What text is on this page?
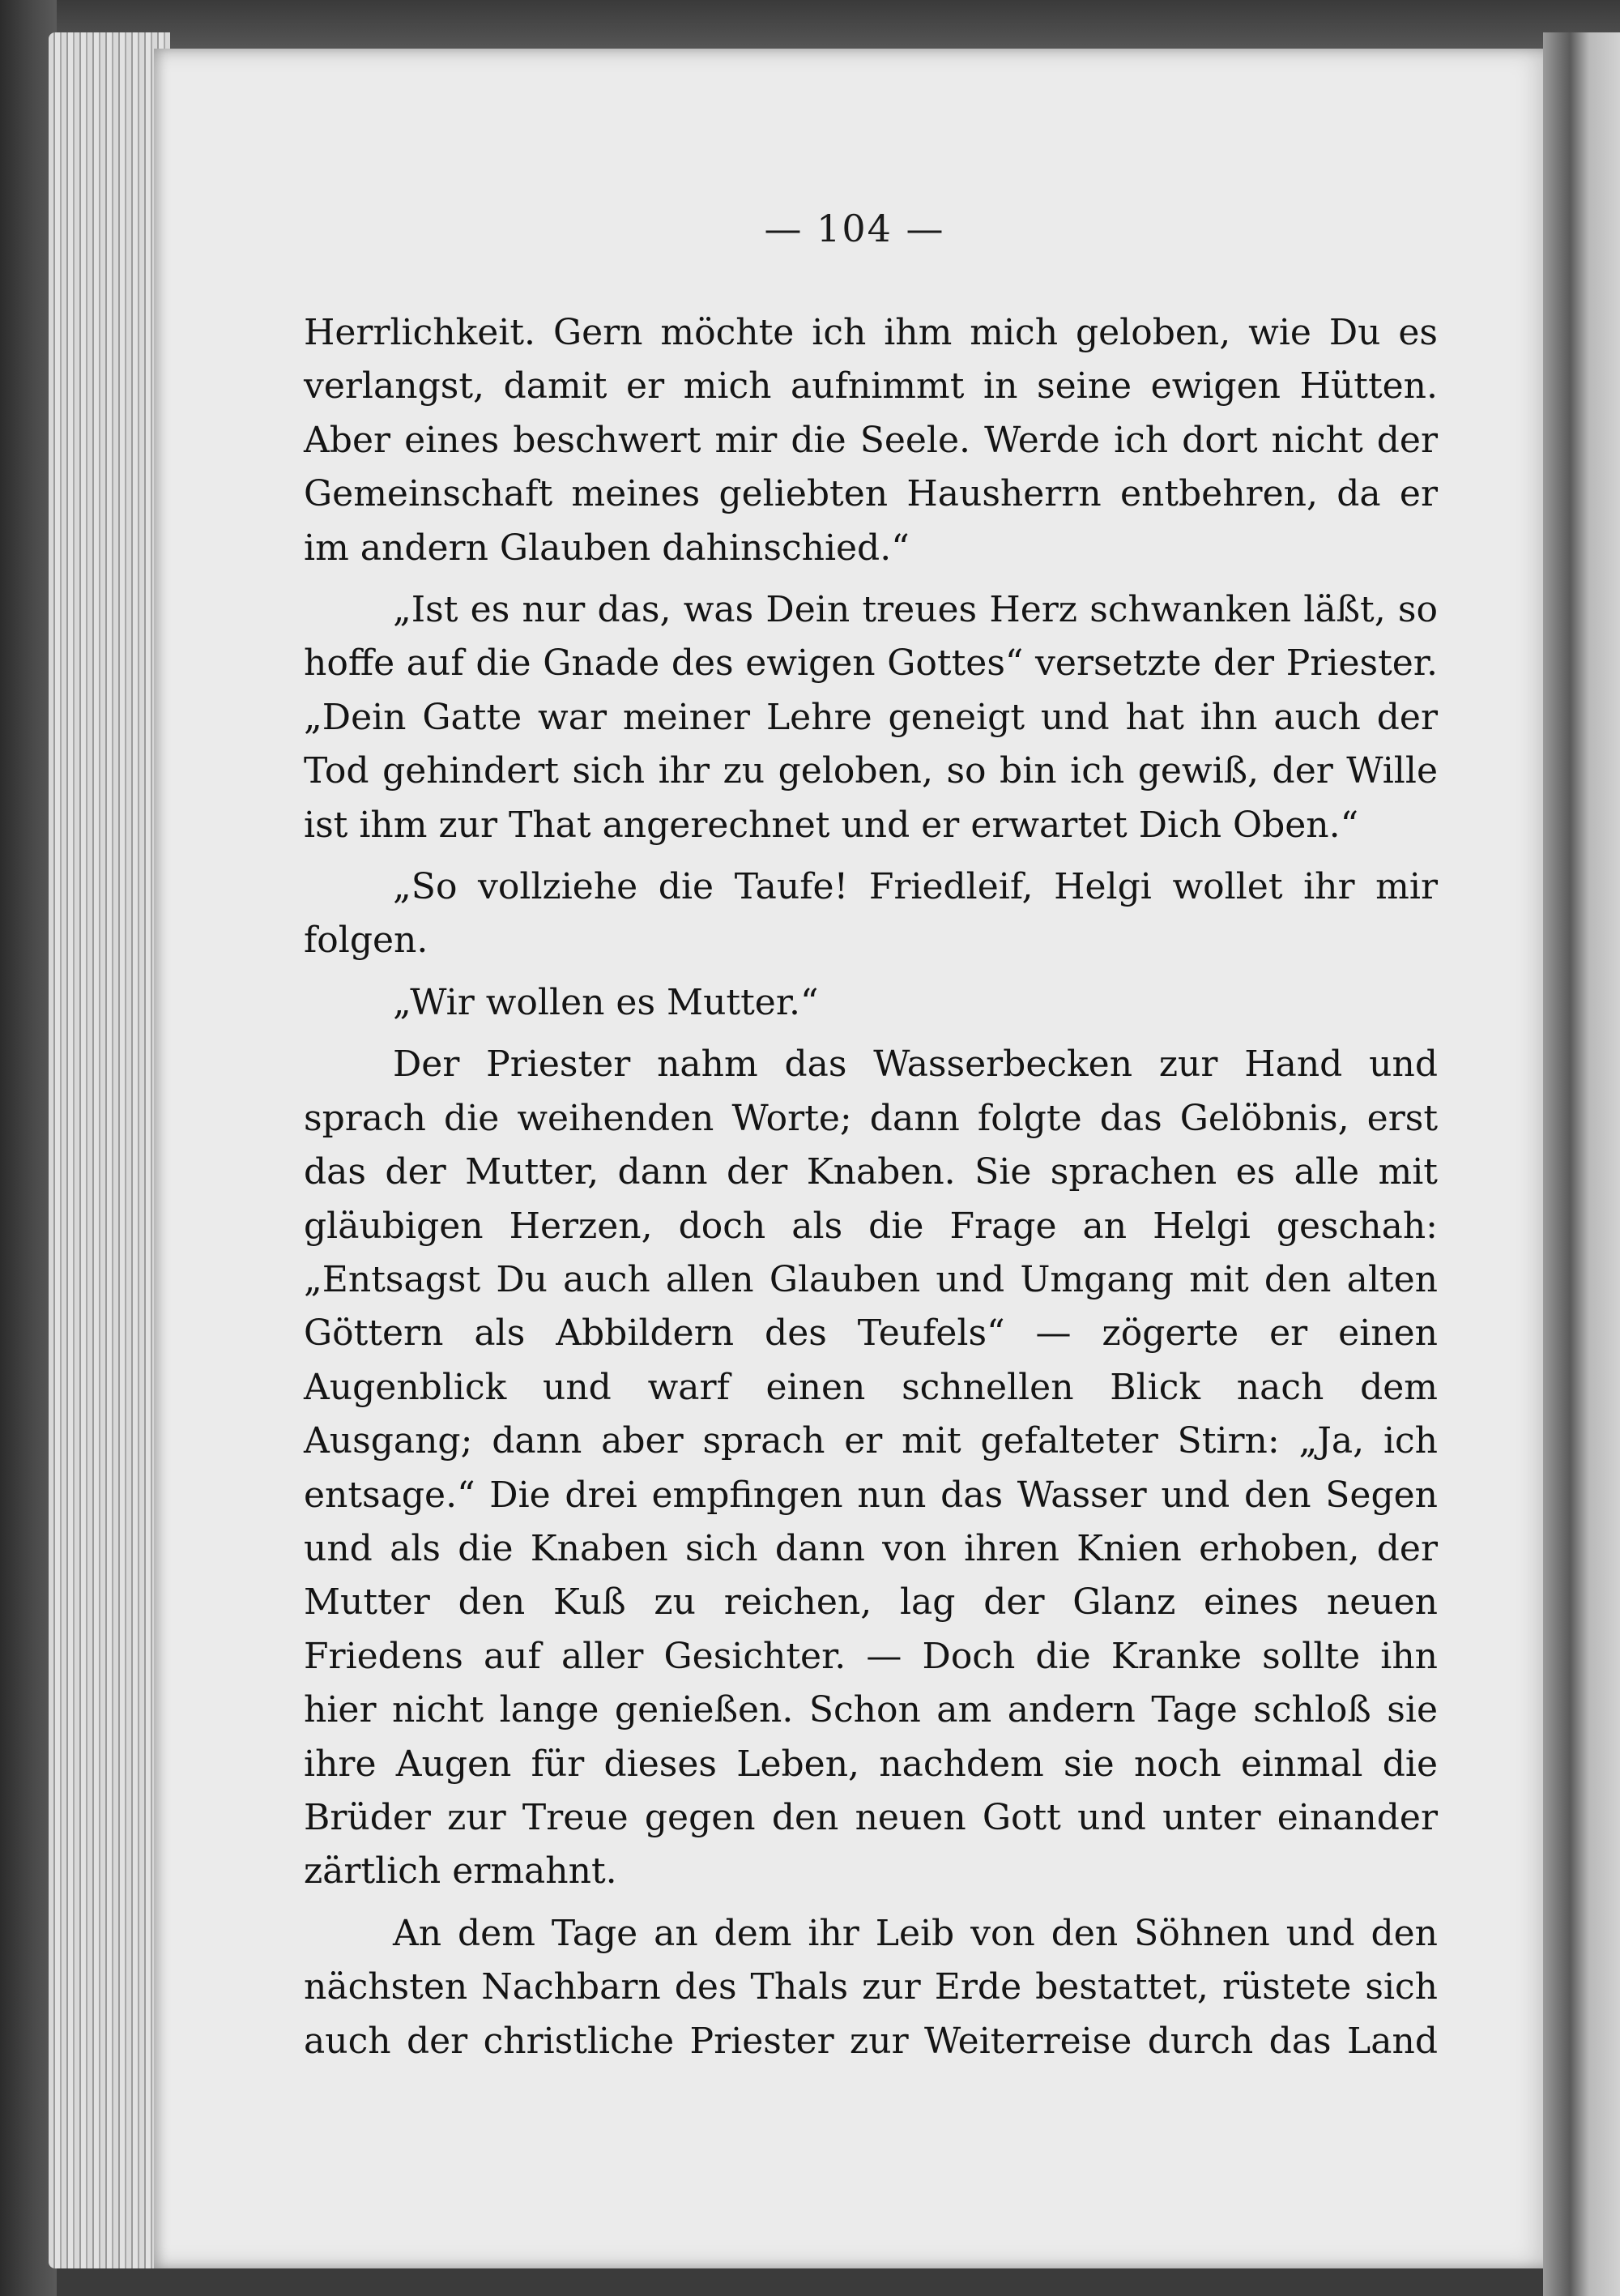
— 104 —

Herrlichkeit. Gern möchte ich ihm mich geloben, wie Du es verlangst, damit er mich aufnimmt in seine ewigen Hütten. Aber eines beschwert mir die Seele. Werde ich dort nicht der Gemeinschaft meines geliebten Hausherrn entbehren, da er im andern Glauben dahinschied.“

„Ist es nur das, was Dein treues Herz schwanken läßt, so hoffe auf die Gnade des ewigen Gottes“ versetzte der Priester. „Dein Gatte war meiner Lehre geneigt und hat ihn auch der Tod gehindert sich ihr zu geloben, so bin ich gewiß, der Wille ist ihm zur That angerechnet und er erwartet Dich Oben.“

„So vollziehe die Taufe! Friedleif, Helgi wollet ihr mir folgen.

„Wir wollen es Mutter.“

Der Priester nahm das Wasserbecken zur Hand und sprach die weihenden Worte; dann folgte das Gelöbnis, erst das der Mutter, dann der Knaben. Sie sprachen es alle mit gläubigen Herzen, doch als die Frage an Helgi geschah: „Entsagst Du auch allen Glauben und Umgang mit den alten Göttern als Abbildern des Teufels“ — zögerte er einen Augenblick und warf einen schnellen Blick nach dem Ausgang; dann aber sprach er mit gefalteter Stirn: „Ja, ich entsage.“ Die drei empfingen nun das Wasser und den Segen und als die Knaben sich dann von ihren Knien erhoben, der Mutter den Kuß zu reichen, lag der Glanz eines neuen Friedens auf aller Gesichter. — Doch die Kranke sollte ihn hier nicht lange genießen. Schon am andern Tage schloß sie ihre Augen für dieses Leben, nachdem sie noch einmal die Brüder zur Treue gegen den neuen Gott und unter einander zärtlich ermahnt.

An dem Tage an dem ihr Leib von den Söhnen und den nächsten Nachbarn des Thals zur Erde bestattet, rüstete sich auch der christliche Priester zur Weiterreise durch das Land
